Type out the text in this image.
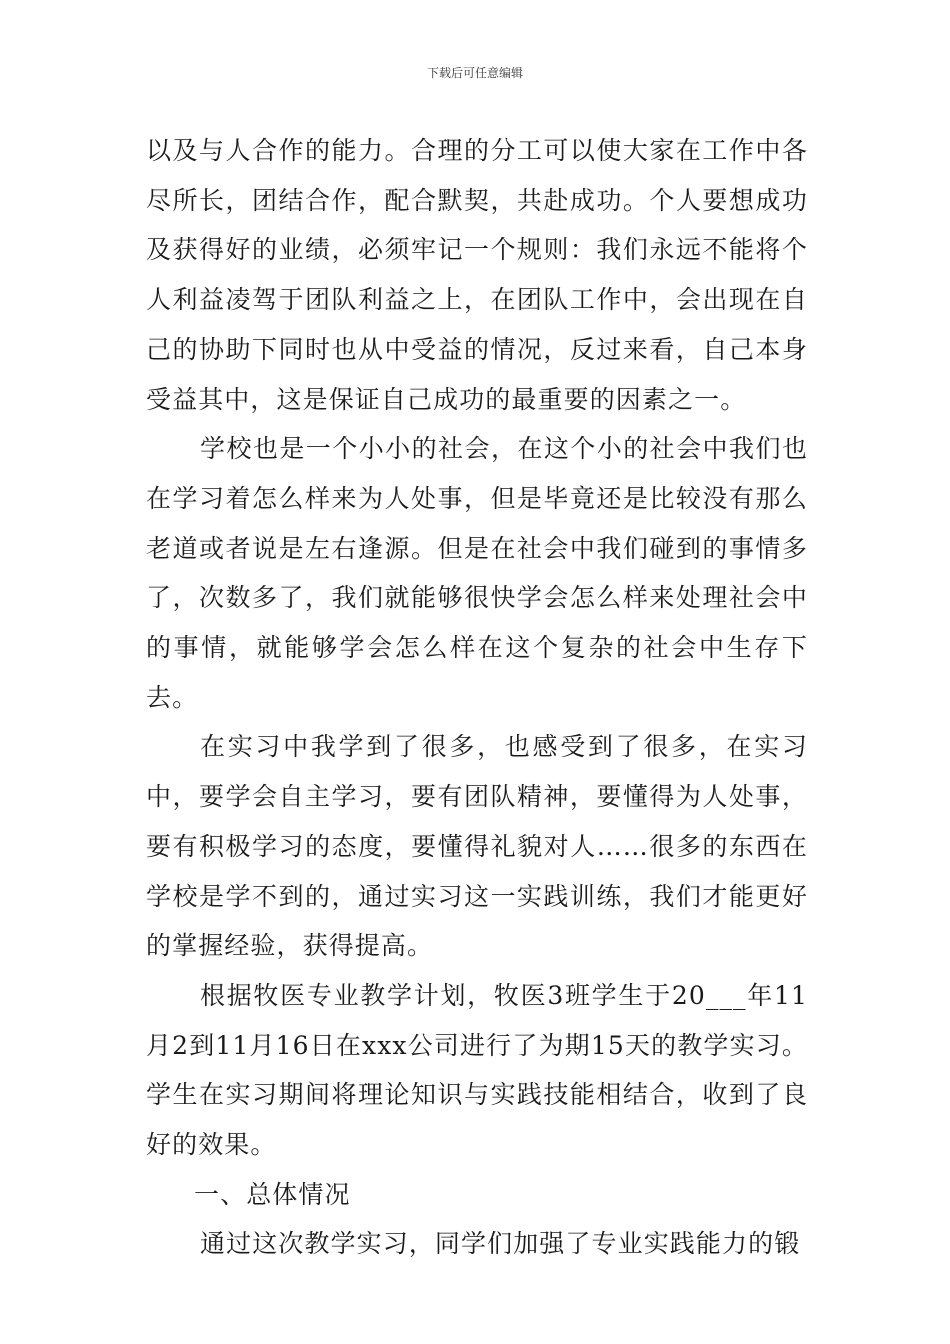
下载后可任意编辑

以及与人合作的能力。合理的分工可以使大家在工作中各尽所长，团结合作，配合默契，共赴成功。个人要想成功及获得好的业绩，必须牢记一个规则：我们永远不能将个人利益凌驾于团队利益之上，在团队工作中，会出现在自己的协助下同时也从中受益的情况，反过来看，自己本身受益其中，这是保证自己成功的最重要的因素之一。

学校也是一个小小的社会，在这个小的社会中我们也在学习着怎么样来为人处事，但是毕竟还是比较没有那么老道或者说是左右逢源。但是在社会中我们碰到的事情多了，次数多了，我们就能够很快学会怎么样来处理社会中的事情，就能够学会怎么样在这个复杂的社会中生存下去。

在实习中我学到了很多，也感受到了很多，在实习中，要学会自主学习，要有团队精神，要懂得为人处事，要有积极学习的态度，要懂得礼貌对人……很多的东西在学校是学不到的，通过实习这一实践训练，我们才能更好的掌握经验，获得提高。

根据牧医专业教学计划，牧医3班学生于20___年11月2到11月16日在xxx公司进行了为期15天的教学实习。学生在实习期间将理论知识与实践技能相结合，收到了良好的效果。

一、总体情况

通过这次教学实习，同学们加强了专业实践能力的锻
